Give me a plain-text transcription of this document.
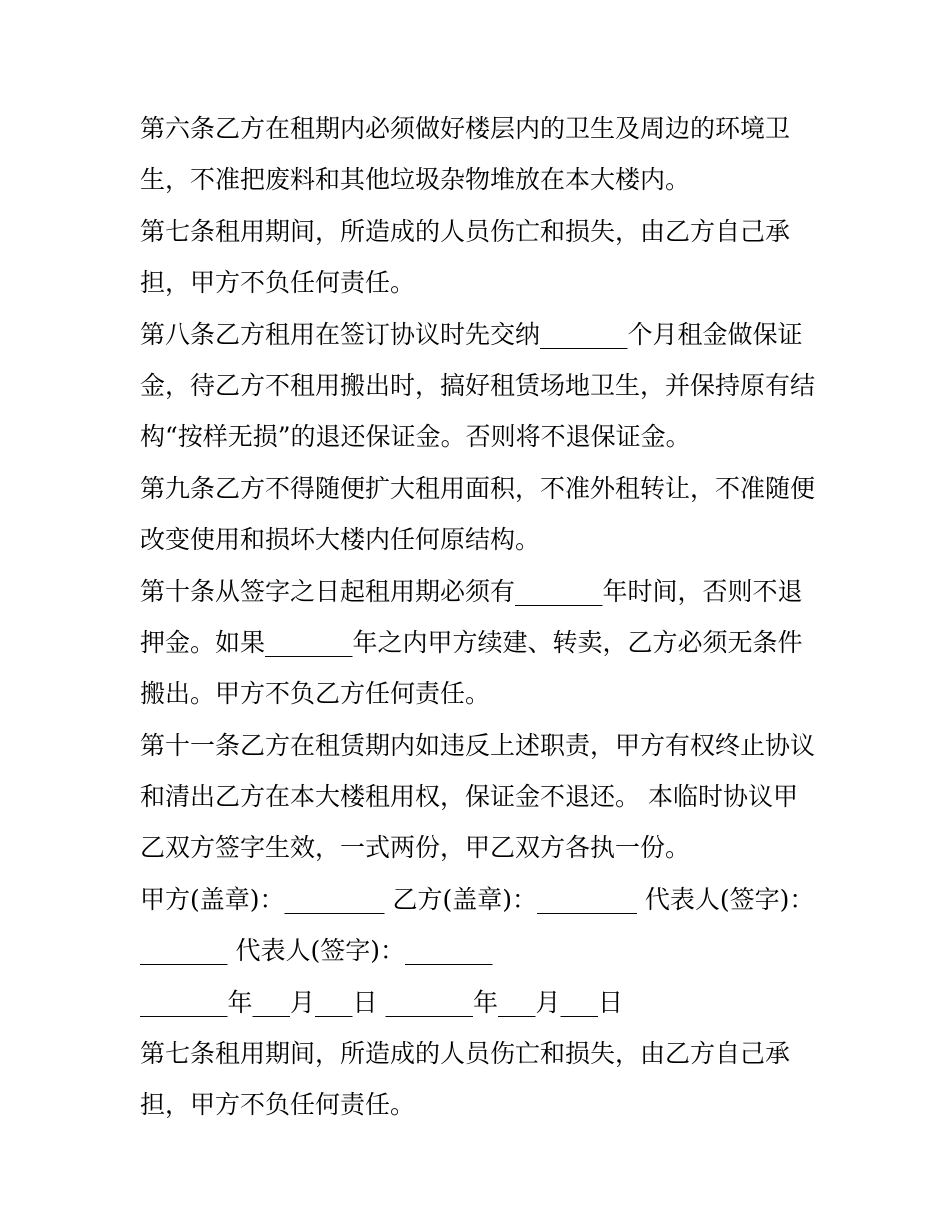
第六条乙方在租期内必须做好楼层内的卫生及周边的环境卫

生，不准把废料和其他垃圾杂物堆放在本大楼内。

第七条租用期间，所造成的人员伤亡和损失，由乙方自己承

担，甲方不负任何责任。

第八条乙方租用在签订协议时先交纳_______个月租金做保证

金，待乙方不租用搬出时，搞好租赁场地卫生，并保持原有结

构“按样无损”的退还保证金。否则将不退保证金。

第九条乙方不得随便扩大租用面积，不准外租转让，不准随便

改变使用和损坏大楼内任何原结构。

第十条从签字之日起租用期必须有_______年时间，否则不退

押金。如果_______年之内甲方续建、转卖，乙方必须无条件

搬出。甲方不负乙方任何责任。

第十一条乙方在租赁期内如违反上述职责，甲方有权终止协议

和清出乙方在本大楼租用权，保证金不退还。 本临时协议甲

乙双方签字生效，一式两份，甲乙双方各执一份。

甲方(盖章)：________ 乙方(盖章)：________ 代表人(签字)：

_______ 代表人(签字)：_______

_______年___月___日 _______年___月___日

第七条租用期间，所造成的人员伤亡和损失，由乙方自己承

担，甲方不负任何责任。
